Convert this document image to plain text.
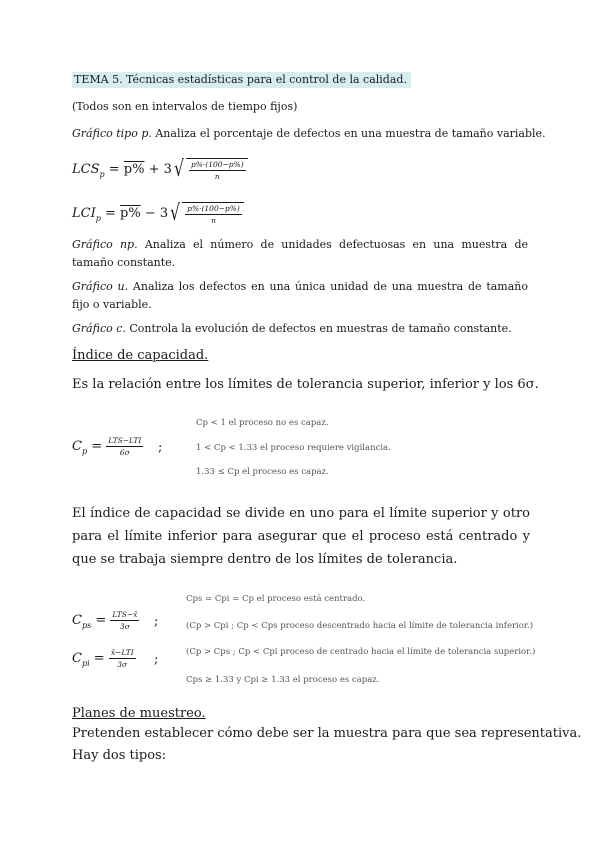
TEMA 5. Técnicas estadísticas para el control de la calidad.
(Todos son en intervalos de tiempo fijos)
Gráfico tipo p. Analiza el porcentaje de defectos en una muestra de tamaño variable.
$LCS_p = p\% + 3√ \frac{p\%\cdot(100-p\%)}{n}$
$LCI_p = p\% - 3√ \frac{p\%\cdot(100-p\%)}{n}$
Gráfico np. Analiza el número de unidades defectuosas en una muestra de tamaño constante.
Gráfico u. Analiza los defectos en una única unidad de una muestra de tamaño fijo o variable.
Gráfico c. Controla la evolución de defectos en muestras de tamaño constante.
Índice de capacidad.
Es la relación entre los límites de tolerancia superior, inferior y los 6σ.
$C_p = \frac{\text{LTS−LTI}}{6\sigma}$ ;
Cp < 1 el proceso no es capaz.
1 < Cp < 1.33 el proceso requiere vigilancia.
1.33 ≤ Cp el proceso es capaz.
El índice de capacidad se divide en uno para el límite superior y otro para el límite inferior para asegurar que el proceso está centrado y que se trabaja siempre dentro de los límites de tolerancia.
$C_{ps} = \frac{\text{LTS−x̄}}{3\sigma}$ ;
$C_{pi} = \frac{\text{x̄−LTI}}{3\sigma}$ ;
Cps = Cpi = Cp el proceso está centrado.
(Cp > Cpi ; Cp < Cps proceso descentrado hacia el límite de tolerancia inferior.)
(Cp > Cps ; Cp < Cpi proceso de centrado hacia el límite de tolerancia superior.)
Cps ≥ 1.33 y Cpi ≥ 1.33 el proceso es capaz.
Planes de muestreo.
Pretenden establecer cómo debe ser la muestra para que sea representativa.
Hay dos tipos:
